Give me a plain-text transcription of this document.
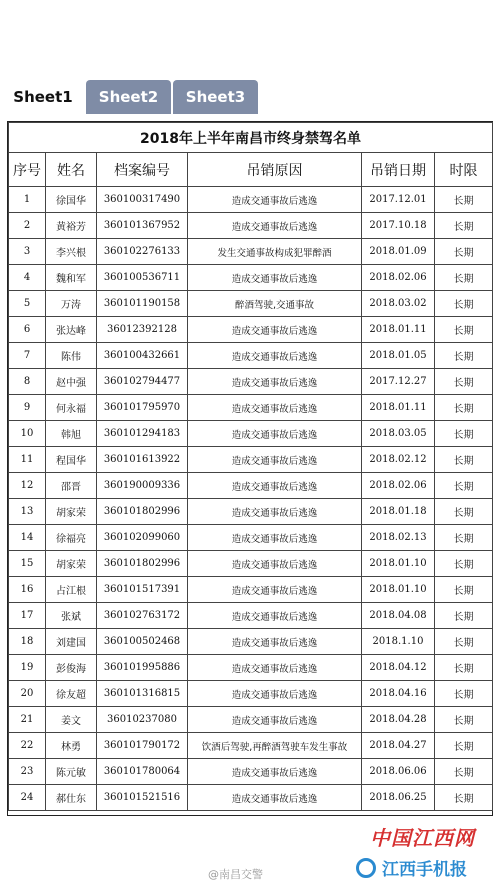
Sheet1	Sheet2	Sheet3
2018年上半年南昌市终身禁驾名单					
序号	姓名	档案编号	吊销原因	吊销日期	时限
1	徐国华	360100317490	造成交通事故后逃逸	2017.12.01	长期
2	黄裕芳	360101367952	造成交通事故后逃逸	2017.10.18	长期
3	李兴根	360102276133	发生交通事故构成犯罪醉酒	2018.01.09	长期
4	魏和军	360100536711	造成交通事故后逃逸	2018.02.06	长期
5	万涛	360101190158	醉酒驾驶,交通事故	2018.03.02	长期
6	张达峰	36012392128	造成交通事故后逃逸	2018.01.11	长期
7	陈伟	360100432661	造成交通事故后逃逸	2018.01.05	长期
8	赵中强	360102794477	造成交通事故后逃逸	2017.12.27	长期
9	何永福	360101795970	造成交通事故后逃逸	2018.01.11	长期
10	韩旭	360101294183	造成交通事故后逃逸	2018.03.05	长期
11	程国华	360101613922	造成交通事故后逃逸	2018.02.12	长期
12	邵晋	360190009336	造成交通事故后逃逸	2018.02.06	长期
13	胡家荣	360101802996	造成交通事故后逃逸	2018.01.18	长期
14	徐福亮	360102099060	造成交通事故后逃逸	2018.02.13	长期
15	胡家荣	360101802996	造成交通事故后逃逸	2018.01.10	长期
16	占江根	360101517391	造成交通事故后逃逸	2018.01.10	长期
17	张斌	360102763172	造成交通事故后逃逸	2018.04.08	长期
18	刘建国	360100502468	造成交通事故后逃逸	2018.1.10	长期
19	彭俊海	360101995886	造成交通事故后逃逸	2018.04.12	长期
20	徐友超	360101316815	造成交通事故后逃逸	2018.04.16	长期
21	姜文	36010237080	造成交通事故后逃逸	2018.04.28	长期
22	林勇	360101790172	饮酒后驾驶,再醉酒驾驶车发生事故	2018.04.27	长期
23	陈元敏	360101780064	造成交通事故后逃逸	2018.06.06	长期
24	郝仕东	360101521516	造成交通事故后逃逸	2018.06.25	长期
@南昌交警
中国江西网
江西手机报
